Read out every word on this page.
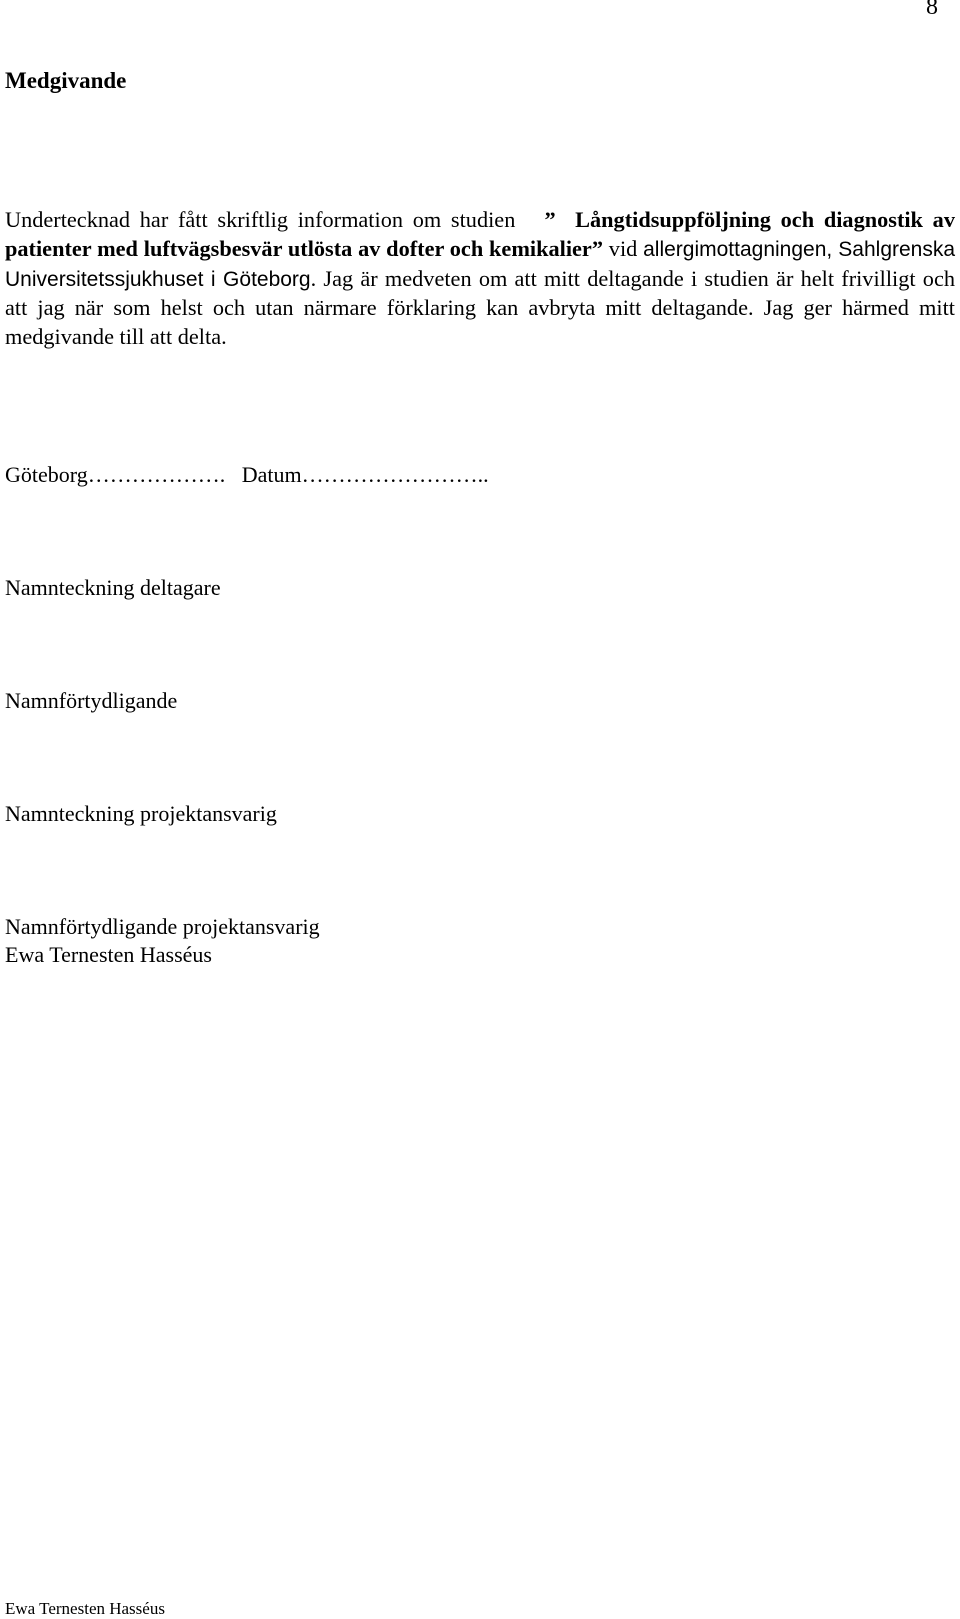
8
Medgivande

Undertecknad har fått skriftlig information om studien ” Långtidsuppföljning och diagnostik av patienter med luftvägsbesvär utlösta av dofter och kemikalier” vid allergimottagningen, Sahlgrenska Universitetssjukhuset i Göteborg. Jag är medveten om att mitt deltagande i studien är helt frivilligt och att jag när som helst och utan närmare förklaring kan avbryta mitt deltagande. Jag ger härmed mitt medgivande till att delta.

Göteborg………………. Datum……………………..
Namnteckning deltagare
Namnförtydligande
Namnteckning projektansvarig
Namnförtydligande projektansvarig
Ewa Ternesten Hasséus
Ewa Ternesten Hasséus
